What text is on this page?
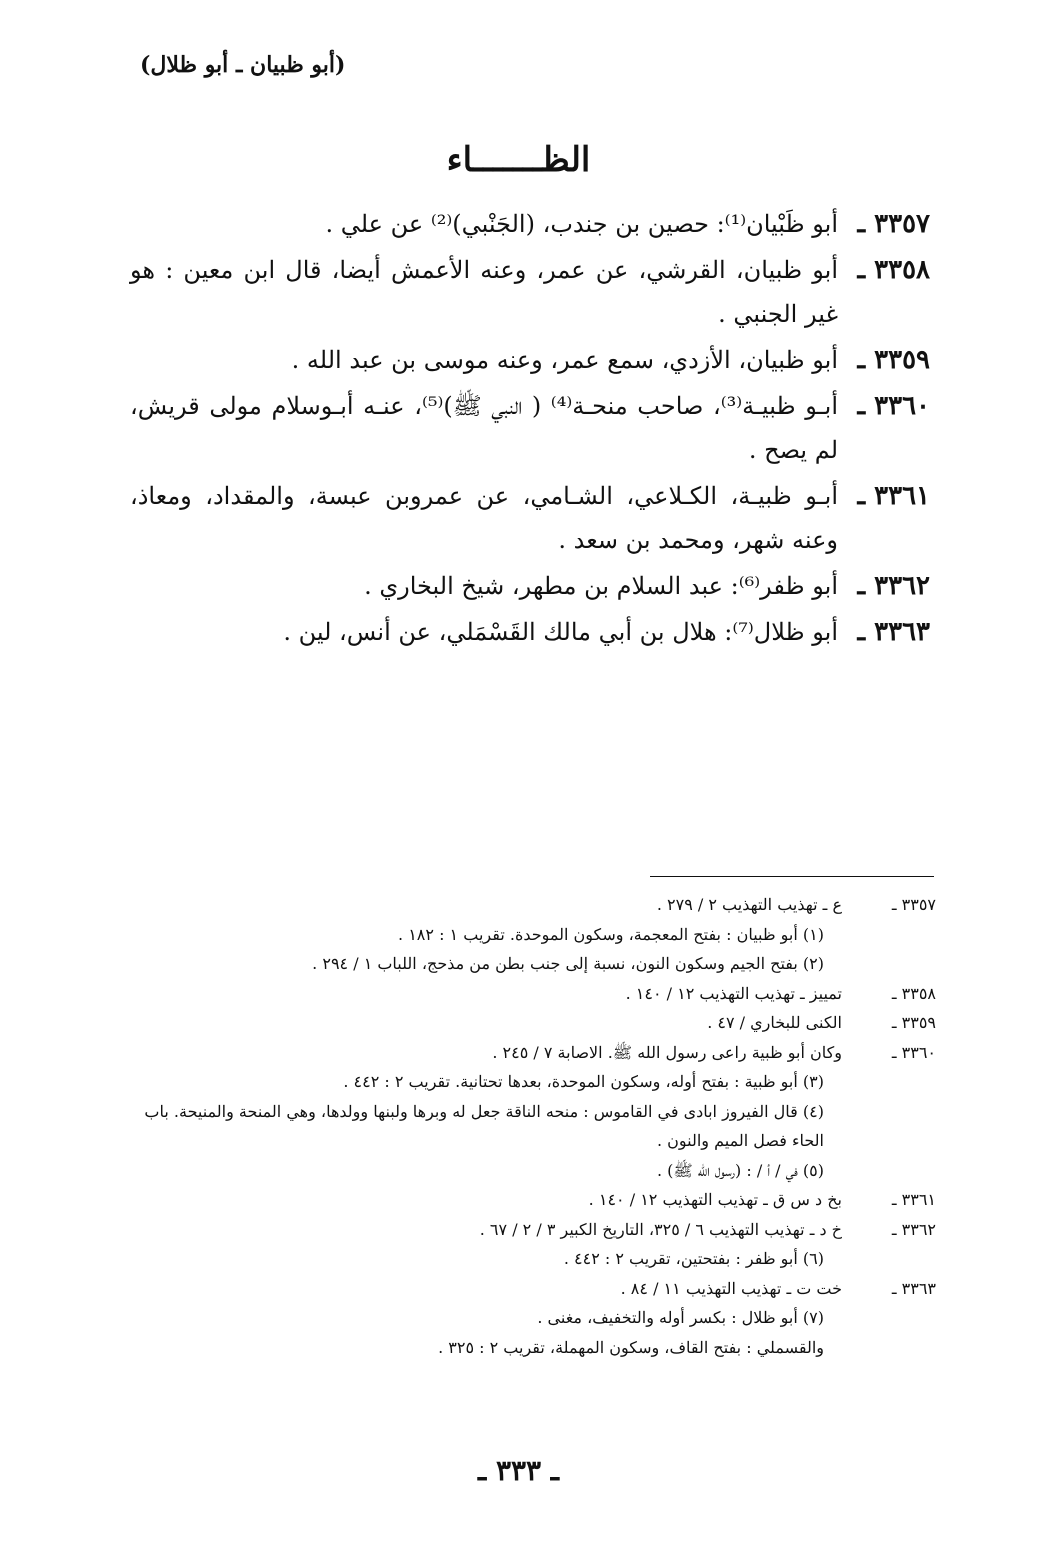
(أبو ظبيان ـ أبو ظلال)
الظـــــــاء
٣٣٥٧ ـ
أبو ظَبْيان⁽¹⁾: حصين بن جندب، (الجَنْبي)⁽²⁾ عن علي .
٣٣٥٨ ـ
أبو ظبيان، القرشي، عن عمر، وعنه الأعمش أيضا، قال ابن معين : هو غير الجنبي .
٣٣٥٩ ـ
أبو ظبيان، الأزدي، سمع عمر، وعنه موسى بن عبد الله .
٣٣٦٠ ـ
أبـو ظبيـة⁽³⁾، صاحب منحـة⁽⁴⁾ ( النبي ﷺ)⁽⁵⁾، عنـه أبـوسلام مولى قريش، لم يصح .
٣٣٦١ ـ
أبـو ظبيـة، الكـلاعي، الشـامي، عن عمروبن عبسة، والمقداد، ومعاذ، وعنه شهر، ومحمد بن سعد .
٣٣٦٢ ـ
أبو ظفر⁽⁶⁾: عبد السلام بن مطهر، شيخ البخاري .
٣٣٦٣ ـ
أبو ظلال⁽⁷⁾: هلال بن أبي مالك القَسْمَلي، عن أنس، لين .
٣٣٥٧ ـ
ع ـ تهذيب التهذيب ٢ / ٢٧٩ .
(١) أبو ظبيان : بفتح المعجمة، وسكون الموحدة. تقريب ١ : ١٨٢ .
(٢) بفتح الجيم وسكون النون، نسبة إلى جنب بطن من مذحج، اللباب ١ / ٢٩٤ .
٣٣٥٨ ـ
تمييز ـ تهذيب التهذيب ١٢ / ١٤٠ .
٣٣٥٩ ـ
الكنى للبخاري / ٤٧ .
٣٣٦٠ ـ
وكان أبو ظبية راعى رسول الله ﷺ. الاصابة ٧ / ٢٤٥ .
(٣) أبو ظبية : بفتح أوله، وسكون الموحدة، بعدها تحتانية. تقريب ٢ : ٤٤٢ .
(٤) قال الفيروز ابادى في القاموس : منحه الناقة جعل له وبرها ولبنها وولدها، وهي المنحة والمنيحة. باب الحاء فصل الميم والنون .
(٥) في / أ / : (رسول الله ﷺ) .
٣٣٦١ ـ
بخ د س ق ـ تهذيب التهذيب ١٢ / ١٤٠ .
٣٣٦٢ ـ
خ د ـ تهذيب التهذيب ٦ / ٣٢٥، التاريخ الكبير ٣ / ٢ / ٦٧ .
(٦) أبو ظفر : بفتحتين، تقريب ٢ : ٤٤٢ .
٣٣٦٣ ـ
خت ت ـ تهذيب التهذيب ١١ / ٨٤ .
(٧) أبو ظلال : بكسر أوله والتخفيف، مغنى .
والقسملي : بفتح القاف، وسكون المهملة، تقريب ٢ : ٣٢٥ .
ـ ٣٣٣ ـ
